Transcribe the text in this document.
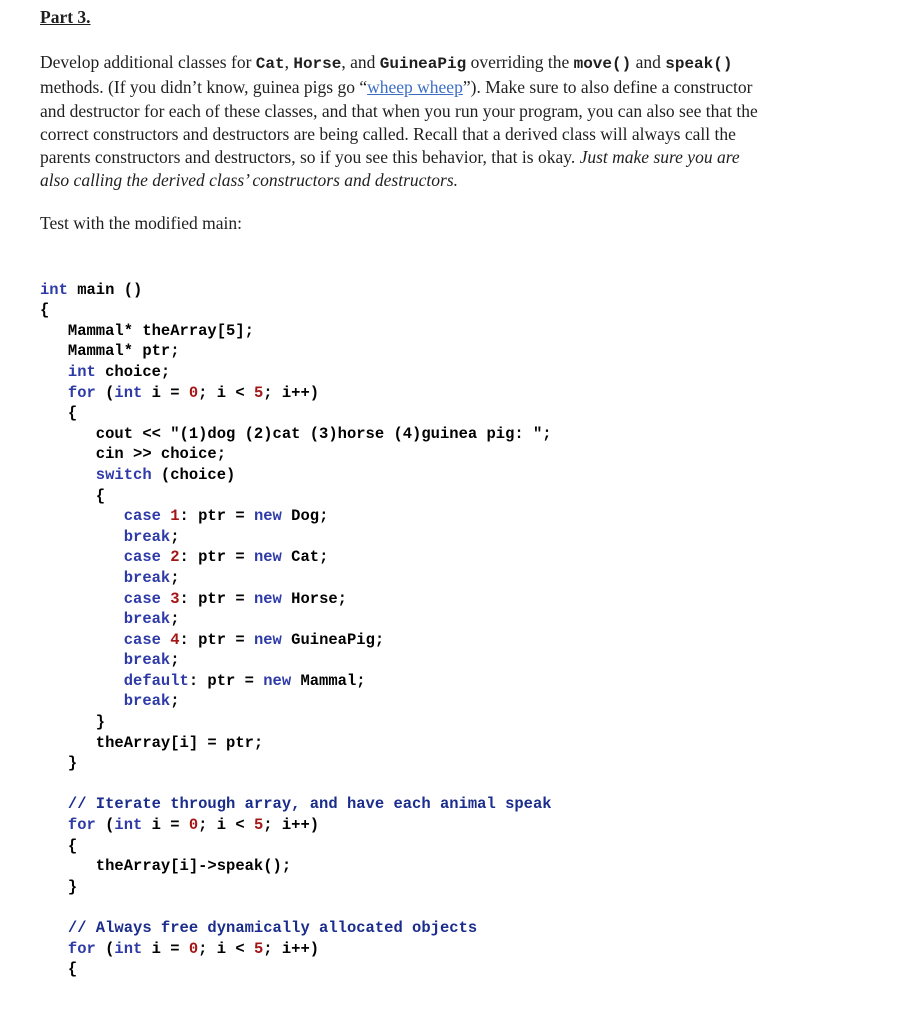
Part 3.
Develop additional classes for Cat, Horse, and GuineaPig overriding the move() and speak()
methods. (If you didn’t know, guinea pigs go “wheep wheep”). Make sure to also define a constructor
and destructor for each of these classes, and that when you run your program, you can also see that the
correct constructors and destructors are being called. Recall that a derived class will always call the
parents constructors and destructors, so if you see this behavior, that is okay. Just make sure you are
also calling the derived class’ constructors and destructors.
Test with the modified main:

int main ()
{
Mammal* theArray[5];
Mammal* ptr;
int choice;
for (int i = 0; i < 5; i++)
{
cout << "(1)dog (2)cat (3)horse (4)guinea pig: ";
cin >> choice;
switch (choice)
{
case 1: ptr = new Dog;
break;
case 2: ptr = new Cat;
break;
case 3: ptr = new Horse;
break;
case 4: ptr = new GuineaPig;
break;
default: ptr = new Mammal;
break;
}
theArray[i] = ptr;
}
// Iterate through array, and have each animal speak
for (int i = 0; i < 5; i++)
{
theArray[i]->speak();
}
// Always free dynamically allocated objects
for (int i = 0; i < 5; i++)
{
